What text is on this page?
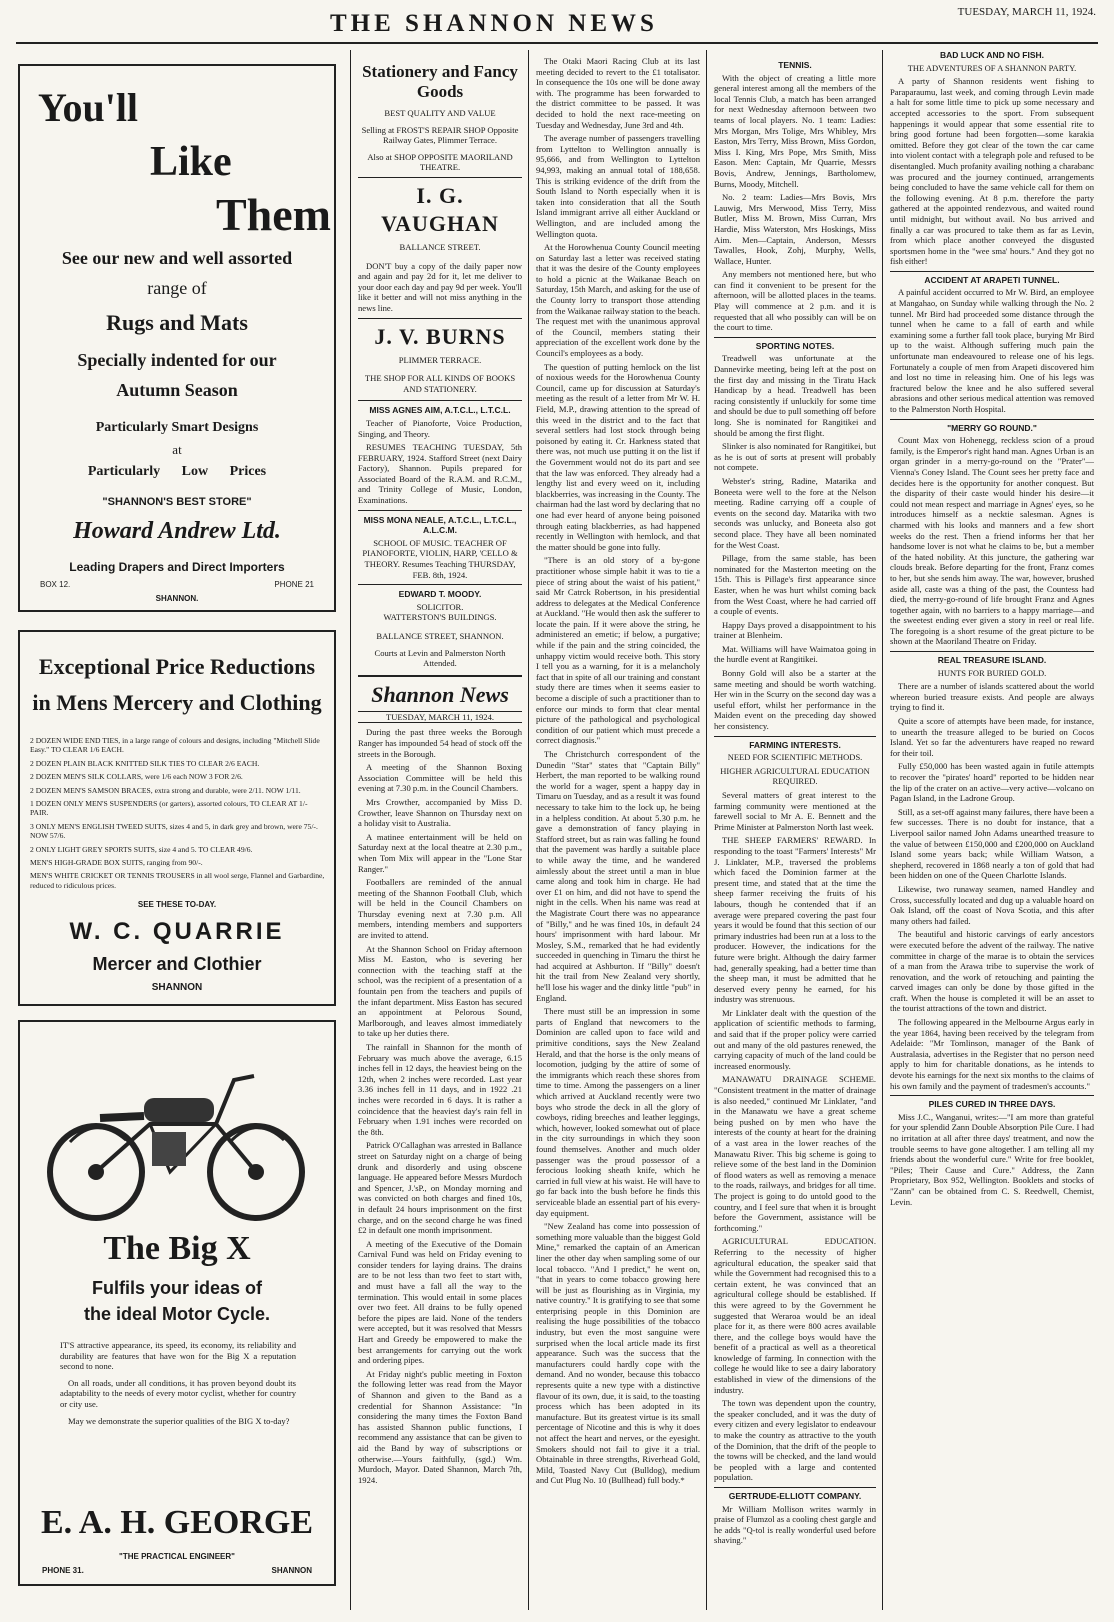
THE SHANNON NEWS	TUESDAY, MARCH 11, 1924.
You'll
Like
Them
See our new and well assorted
range of
Rugs and Mats
Specially indented for our
Autumn Season
Particularly Smart Designs
at
Particularly Low Prices
"SHANNON'S BEST STORE"
Howard Andrew Ltd.
Leading Drapers and Direct Importers
BOX 12.	PHONE 21
SHANNON.
Exceptional Price Reductions
in Mens Mercery and Clothing
2 DOZEN WIDE END TIES, in a large range of colours and designs, including "Mitchell Slide Easy." TO CLEAR 1/6 EACH.
2 DOZEN PLAIN BLACK KNITTED SILK TIES TO CLEAR 2/6 EACH.
2 DOZEN MEN'S SILK COLLARS, were 1/6 each NOW 3 FOR 2/6.
2 DOZEN MEN'S SAMSON BRACES, extra strong and durable, were 2/11. NOW 1/11.
1 DOZEN ONLY MEN'S SUSPENDERS (or garters), assorted colours, TO CLEAR AT 1/- PAIR.
3 ONLY MEN'S ENGLISH TWEED SUITS, sizes 4 and 5, in dark grey and brown, were 75/-. NOW 57/6.
2 ONLY LIGHT GREY SPORTS SUITS, size 4 and 5. TO CLEAR 49/6.
MEN'S HIGH-GRADE BOX SUITS, ranging from 90/-.
MEN'S WHITE CRICKET OR TENNIS TROUSERS in all wool serge, Flannel and Garbardine, reduced to ridiculous prices.
SEE THESE TO-DAY.
W. C. QUARRIE
Mercer and Clothier
SHANNON
The Big X
Fulfils your ideas of
the ideal Motor Cycle.

IT'S attractive appearance, its speed, its economy, its reliability and durability are features that have won for the Big X a reputation second to none.

On all roads, under all conditions, it has proven beyond doubt its adaptability to the needs of every motor cyclist, whether for country or city use.

May we demonstrate the superior qualities of the BIG X to-day?

E. A. H. GEORGE
"THE PRACTICAL ENGINEER"
PHONE 31.	SHANNON
Stationery and Fancy Goods
BEST QUALITY AND VALUE
Selling at FROST'S REPAIR SHOP Opposite Railway Gates, Plimmer Terrace.
Also at SHOP OPPOSITE MAORILAND THEATRE.
I. G. VAUGHAN
BALLANCE STREET.

DON'T buy a copy of the daily paper now and again and pay 2d for it, let me deliver to your door each day and pay 9d per week. You'll like it better and will not miss anything in the news line.

J. V. BURNS
PLIMMER TERRACE.
THE SHOP FOR ALL KINDS OF BOOKS AND STATIONERY.
MISS AGNES AIM, A.T.C.L., L.T.C.L.

Teacher of Pianoforte, Voice Production, Singing, and Theory.

RESUMES TEACHING TUESDAY, 5th FEBRUARY, 1924. Stafford Street (next Dairy Factory), Shannon. Pupils prepared for Associated Board of the R.A.M. and R.C.M., and Trinity College of Music, London, Examinations.

MISS MONA NEALE, A.T.C.L., L.T.C.L., A.L.C.M.
SCHOOL OF MUSIC. TEACHER OF PIANOFORTE, VIOLIN, HARP, 'CELLO & THEORY. Resumes Teaching THURSDAY, FEB. 8th, 1924.
EDWARD T. MOODY.
SOLICITOR.
WATTERSTON'S BUILDINGS.
BALLANCE STREET, SHANNON.
Courts at Levin and Palmerston North Attended.
Shannon News
TUESDAY, MARCH 11, 1924.

During the past three weeks the Borough Ranger has impounded 54 head of stock off the streets in the Borough.

A meeting of the Shannon Boxing Association Committee will be held this evening at 7.30 p.m. in the Council Chambers.

Mrs Crowther, accompanied by Miss D. Crowther, leave Shannon on Thursday next on a holiday visit to Australia.

A matinee entertainment will be held on Saturday next at the local theatre at 2.30 p.m., when Tom Mix will appear in the "Lone Star Ranger."

Footballers are reminded of the annual meeting of the Shannon Football Club, which will be held in the Council Chambers on Thursday evening next at 7.30 p.m. All members, intending members and supporters are invited to attend.

At the Shannon School on Friday afternoon Miss M. Easton, who is severing her connection with the teaching staff at the school, was the recipient of a presentation of a fountain pen from the teachers and pupils of the infant department. Miss Easton has secured an appointment at Pelorous Sound, Marlborough, and leaves almost immediately to take up her duties there.

The rainfall in Shannon for the month of February was much above the average, 6.15 inches fell in 12 days, the heaviest being on the 12th, when 2 inches were recorded. Last year 3.36 inches fell in 11 days, and in 1922 .21 inches were recorded in 6 days. It is rather a coincidence that the heaviest day's rain fell in February when 1.91 inches were recorded on the 8th.

Patrick O'Callaghan was arrested in Ballance street on Saturday night on a charge of being drunk and disorderly and using obscene language. He appeared before Messrs Murdoch and Spencer, J.'sP., on Monday morning and was convicted on both charges and fined 10s, in default 24 hours imprisonment on the first charge, and on the second charge he was fined £2 in default one month imprisonment.

A meeting of the Executive of the Domain Carnival Fund was held on Friday evening to consider tenders for laying drains. The drains are to be not less than two feet to start with, and must have a fall all the way to the termination. This would entail in some places over two feet. All drains to be fully opened before the pipes are laid. None of the tenders were accepted, but it was resolved that Messrs Hart and Greedy be empowered to make the best arrangements for carrying out the work and ordering pipes.

At Friday night's public meeting in Foxton the following letter was read from the Mayor of Shannon and given to the Band as a credential for Shannon Assistance: "In considering the many times the Foxton Band has assisted Shannon public functions, I recommend any assistance that can be given to aid the Band by way of subscriptions or otherwise.—Yours faithfully, (sgd.) Wm. Murdoch, Mayor. Dated Shannon, March 7th, 1924.

The Otaki Maori Racing Club at its last meeting decided to revert to the £1 totalisator. In consequence the 10s one will be done away with. The programme has been forwarded to the district committee to be passed. It was decided to hold the next race-meeting on Tuesday and Wednesday, June 3rd and 4th.

The average number of passengers travelling from Lyttelton to Wellington annually is 95,666, and from Wellington to Lyttelton 94,993, making an annual total of 188,658. This is striking evidence of the drift from the South Island to North especially when it is taken into consideration that all the South Island immigrant arrive all either Auckland or Wellington, and are included among the Wellington quota.

At the Horowhenua County Council meeting on Saturday last a letter was received stating that it was the desire of the County employees to hold a picnic at the Waikanae Beach on Saturday, 15th March, and asking for the use of the County lorry to transport those attending from the Waikanae railway station to the beach. The request met with the unanimous approval of the Council, members stating their appreciation of the excellent work done by the Council's employees as a body.

The question of putting hemlock on the list of noxious weeds for the Horowhenua County Council, came up for discussion at Saturday's meeting as the result of a letter from Mr W. H. Field, M.P., drawing attention to the spread of this weed in the district and to the fact that several settlers had lost stock through being poisoned by eating it. Cr. Harkness stated that there was, not much use putting it on the list if the Government would not do its part and see that the law was enforced. They already had a lengthy list and every weed on it, including blackberries, was increasing in the County. The chairman had the last word by declaring that no one had ever heard of anyone being poisoned through eating blackberries, as had happened recently in Wellington with hemlock, and that the matter should be gone into fully.

"There is an old story of a by-gone practitioner whose simple habit it was to tie a piece of string about the waist of his patient," said Mr Catrck Robertson, in his presidential address to delegates at the Medical Conference at Auckland. "He would then ask the sufferer to locate the pain. If it were above the string, he administered an emetic; if below, a purgative; while if the pain and the string coincided, the unhappy victim would receive both. This story I tell you as a warning, for it is a melancholy fact that in spite of all our training and constant study there are times when it seems easier to become a disciple of such a practitioner than to enforce our minds to form that clear mental picture of the pathological and psychological condition of our patient which must precede a correct diagnosis."

The Christchurch correspondent of the Dunedin "Star" states that "Captain Billy" Herbert, the man reported to be walking round the world for a wager, spent a happy day in Timaru on Tuesday, and as a result it was found necessary to take him to the lock up, he being in a helpless condition. At about 5.30 p.m. he gave a demonstration of fancy playing in Stafford street, but as rain was falling he found that the pavement was hardly a suitable place to while away the time, and he wandered aimlessly about the street until a man in blue came along and took him in charge. He had over £1 on him, and did not have to spend the night in the cells. When his name was read at the Magistrate Court there was no appearance of "Billy," and he was fined 10s, in default 24 hours' imprisonment with hard labour. Mr Mosley, S.M., remarked that he had evidently succeeded in quenching in Timaru the thirst he had acquired at Ashburton. If "Billy" doesn't hit the trail from New Zealand very shortly, he'll lose his wager and the dinky little "pub" in England.

There must still be an impression in some parts of England that newcomers to the Dominion are called upon to face wild and primitive conditions, says the New Zealand Herald, and that the horse is the only means of locomotion, judging by the attire of some of the immigrants which reach these shores from time to time. Among the passengers on a liner which arrived at Auckland recently were two boys who strode the deck in all the glory of cowboys, riding breeches and leather leggings, which, however, looked somewhat out of place in the city surroundings in which they soon found themselves. Another and much older passenger was the proud possessor of a ferocious looking sheath knife, which he carried in full view at his waist. He will have to go far back into the bush before he finds this serviceable blade an essential part of his every-day equipment.

"New Zealand has come into possession of something more valuable than the biggest Gold Mine," remarked the captain of an American liner the other day when sampling some of our local tobacco. "And I predict," he went on, "that in years to come tobacco growing here will be just as flourishing as in Virginia, my native country." It is gratifying to see that some enterprising people in this Dominion are realising the huge possibilities of the tobacco industry, but even the most sanguine were surprised when the local article made its first appearance. Such was the success that the manufacturers could hardly cope with the demand. And no wonder, because this tobacco represents quite a new type with a distinctive flavour of its own, due, it is said, to the toasting process which has been adopted in its manufacture. But its greatest virtue is its small percentage of Nicotine and this is why it does not affect the heart and nerves, or the eyesight. Smokers should not fail to give it a trial. Obtainable in three strengths, Riverhead Gold, Mild, Toasted Navy Cut (Bulldog), medium and Cut Plug No. 10 (Bullhead) full body.*

TENNIS.

With the object of creating a little more general interest among all the members of the local Tennis Club, a match has been arranged for next Wednesday afternoon between two teams of local players. No. 1 team: Ladies: Mrs Morgan, Mrs Tolige, Mrs Whibley, Mrs Easton, Mrs Terry, Miss Brown, Miss Gordon, Miss I. King, Mrs Pope, Mrs Smith, Miss Eason. Men: Captain, Mr Quarrie, Messrs Bovis, Andrew, Jennings, Bartholomew, Burns, Moody, Mitchell.

No. 2 team: Ladies—Mrs Bovis, Mrs Lauwig, Mrs Merwood, Miss Terry, Miss Butler, Miss M. Brown, Miss Curran, Mrs Hardie, Miss Waterston, Mrs Hoskings, Miss Aim. Men—Captain, Anderson, Messrs Tawalles, Hook, Zohj, Murphy, Wells, Wallace, Hunter.

Any members not mentioned here, but who can find it convenient to be present for the afternoon, will be allotted places in the teams. Play will commence at 2 p.m. and it is requested that all who possibly can will be on the court to time.

SPORTING NOTES.

Treadwell was unfortunate at the Dannevirke meeting, being left at the post on the first day and missing in the Tiratu Hack Handicap by a head. Treadwell has been racing consistently if unluckily for some time and should be due to pull something off before long. She is nominated for Rangitikei and should be among the first flight.

Slinker is also nominated for Rangitikei, but as he is out of sorts at present will probably not compete.

Webster's string, Radine, Matarika and Boneeta were well to the fore at the Nelson meeting. Radine carrying off a couple of events on the second day. Matarika with two seconds was unlucky, and Boneeta also got second place. They have all been nominated for the West Coast.

Pillage, from the same stable, has been nominated for the Masterton meeting on the 15th. This is Pillage's first appearance since Easter, when he was hurt whilst coming back from the West Coast, where he had carried off a couple of events.

Happy Days proved a disappointment to his trainer at Blenheim.

Mat. Williams will have Waimatoa going in the hurdle event at Rangitikei.

Bonny Gold will also be a starter at the same meeting and should be worth watching. Her win in the Scurry on the second day was a useful effort, whilst her performance in the Maiden event on the preceding day showed her consistency.

FARMING INTERESTS.
NEED FOR SCIENTIFIC METHODS.
HIGHER AGRICULTURAL EDUCATION REQUIRED.

Several matters of great interest to the farming community were mentioned at the farewell social to Mr A. E. Bennett and the Prime Minister at Palmerston North last week.

THE SHEEP FARMERS' REWARD. In responding to the toast "Farmers' Interests" Mr J. Linklater, M.P., traversed the problems which faced the Dominion farmer at the present time, and stated that at the time the sheep farmer receiving the fruits of his labours, though he contended that if an average were prepared covering the past four years it would be found that this section of our primary industries had been run at a loss to the producer. However, the indications for the future were bright. Although the dairy farmer had, generally speaking, had a better time than the sheep man, it must be admitted that he deserved every penny he earned, for his industry was strenuous.

Mr Linklater dealt with the question of the application of scientific methods to farming, and said that if the proper policy were carried out and many of the old pastures renewed, the carrying capacity of much of the land could be increased enormously.

MANAWATU DRAINAGE SCHEME. "Consistent treatment in the matter of drainage is also needed," continued Mr Linklater, "and in the Manawatu we have a great scheme being pushed on by men who have the interests of the county at heart for the draining of a vast area in the lower reaches of the Manawatu River. This big scheme is going to relieve some of the best land in the Dominion of flood waters as well as removing a menace to the roads, railways, and bridges for all time. The project is going to do untold good to the country, and I feel sure that when it is brought before the Government, assistance will be forthcoming."

AGRICULTURAL EDUCATION. Referring to the necessity of higher agricultural education, the speaker said that while the Government had recognised this to a certain extent, he was convinced that an agricultural college should be established. If this were agreed to by the Government he suggested that Weraroa would be an ideal place for it, as there were 800 acres available there, and the college boys would have the benefit of a practical as well as a theoretical knowledge of farming. In connection with the college he would like to see a dairy laboratory established in view of the dimensions of the industry.

The town was dependent upon the country, the speaker concluded, and it was the duty of every citizen and every legislator to endeavour to make the country as attractive to the youth of the Dominion, that the drift of the people to the towns will be checked, and the land would be peopled with a large and contented population.

GERTRUDE-ELLIOTT COMPANY.

Mr William Mollison writes warmly in praise of Flumzol as a cooling chest gargle and he adds "Q-tol is really wonderful used before shaving."

BAD LUCK AND NO FISH.
THE ADVENTURES OF A SHANNON PARTY.

A party of Shannon residents went fishing to Paraparaumu, last week, and coming through Levin made a halt for some little time to pick up some necessary and accepted accessories to the sport. From subsequent happenings it would appear that some essential rite to bring good fortune had been forgotten—some karakia omitted. Before they got clear of the town the car came into violent contact with a telegraph pole and refused to be disentangled. Much profanity availing nothing a charabanc was procured and the journey continued, arrangements being concluded to have the same vehicle call for them on the following evening. At 8 p.m. therefore the party gathered at the appointed rendezvous, and waited round until midnight, but without avail. No bus arrived and finally a car was procured to take them as far as Levin, from which place another conveyed the disgusted sportsmen home in the "wee sma' hours." And they got no fish either!

ACCIDENT AT ARAPETI TUNNEL.

A painful accident occurred to Mr W. Bird, an employee at Mangahao, on Sunday while walking through the No. 2 tunnel. Mr Bird had proceeded some distance through the tunnel when he came to a fall of earth and while examining some a further fall took place, burying Mr Bird up to the waist. Although suffering much pain the unfortunate man endeavoured to release one of his legs. Fortunately a couple of men from Arapeti discovered him and lost no time in releasing him. One of his legs was fractured below the knee and he also suffered several abrasions and other serious medical attention was removed to the Palmerston North Hospital.

"MERRY GO ROUND."

Count Max von Hohenegg, reckless scion of a proud family, is the Emperor's right hand man. Agnes Urban is an organ grinder in a merry-go-round on the "Prater"—Vienna's Coney Island. The Count sees her pretty face and decides here is the opportunity for another conquest. But the disparity of their caste would hinder his desire—it could not mean respect and marriage in Agnes' eyes, so he introduces himself as a necktie salesman. Agnes is charmed with his looks and manners and a few short weeks do the rest. Then a friend informs her that her handsome lover is not what he claims to be, but a member of the hated nobility. At this juncture, the gathering war clouds break. Before departing for the front, Franz comes to her, but she sends him away. The war, however, brushed aside all, caste was a thing of the past, the Countess had died, the merry-go-round of life brought Franz and Agnes together again, with no barriers to a happy marriage—and the sweetest ending ever given a story in reel or real life. The foregoing is a short resume of the great picture to be shown at the Maoriland Theatre on Friday.

REAL TREASURE ISLAND.
HUNTS FOR BURIED GOLD.

There are a number of islands scattered about the world whereon buried treasure exists. And people are always trying to find it.

Quite a score of attempts have been made, for instance, to unearth the treasure alleged to be buried on Cocos Island. Yet so far the adventurers have reaped no reward for their toil.

Fully £50,000 has been wasted again in futile attempts to recover the "pirates' hoard" reported to be hidden near the lip of the crater on an active—very active—volcano on Pagan Island, in the Ladrone Group.

Still, as a set-off against many failures, there have been a few successes. There is no doubt for instance, that a Liverpool sailor named John Adams unearthed treasure to the value of between £150,000 and £200,000 on Auckland Island some years back; while William Watson, a shepherd, recovered in 1868 nearly a ton of gold that had been hidden on one of the Queen Charlotte Islands.

Likewise, two runaway seamen, named Handley and Cross, successfully located and dug up a valuable hoard on Oak Island, off the coast of Nova Scotia, and this after many others had failed.

The beautiful and historic carvings of early ancestors were executed before the advent of the railway. The native committee in charge of the marae is to obtain the services of a man from the Arawa tribe to supervise the work of renovation, and the work of retouching and painting the carved images can only be done by those gifted in the craft. When the house is completed it will be an asset to the tourist attractions of the town and district.

The following appeared in the Melbourne Argus early in the year 1864, having been received by the telegram from Adelaide: "Mr Tomlinson, manager of the Bank of Australasia, advertises in the Register that no person need apply to him for charitable donations, as he intends to devote his earnings for the next six months to the claims of his own family and the payment of tradesmen's accounts."

PILES CURED IN THREE DAYS.

Miss J.C., Wanganui, writes:—"I am more than grateful for your splendid Zann Double Absorption Pile Cure. I had no irritation at all after three days' treatment, and now the trouble seems to have gone altogether. I am telling all my friends about the wonderful cure." Write for free booklet, "Piles; Their Cause and Cure." Address, the Zann Proprietary, Box 952, Wellington. Booklets and stocks of "Zann" can be obtained from C. S. Reedwell, Chemist, Levin.
